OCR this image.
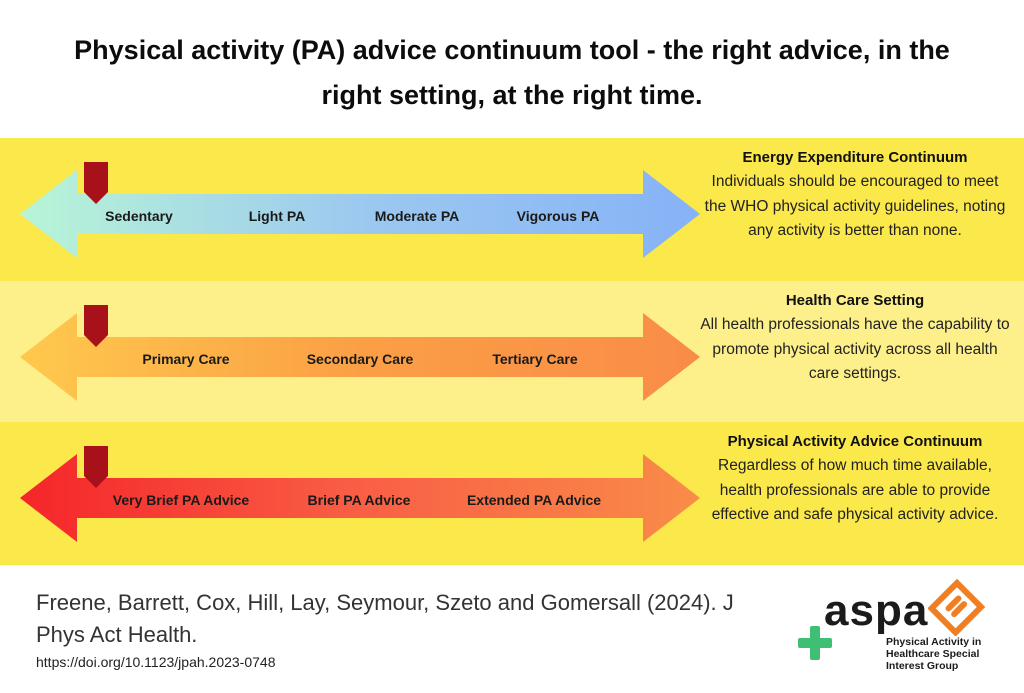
Physical activity (PA) advice continuum tool - the right advice, in the right setting, at the right time.
Sedentary	Light PA	Moderate PA	Vigorous PA
Energy Expenditure Continuum

Individuals should be encouraged to meet the WHO physical activity guidelines, noting any activity is better than none.

Primary Care	Secondary Care	Tertiary Care
Health Care Setting

All health professionals have the capability to promote physical activity across all health care settings.

Very Brief PA Advice	Brief PA Advice	Extended PA Advice
Physical Activity Advice Continuum

Regardless of how much time available, health professionals are able to provide effective and safe physical activity advice.

Freene, Barrett, Cox, Hill, Lay, Seymour, Szeto and Gomersall (2024). J Phys Act Health.
https://doi.org/10.1123/jpah.2023-0748
aspa
Physical Activity in Healthcare Special Interest Group
